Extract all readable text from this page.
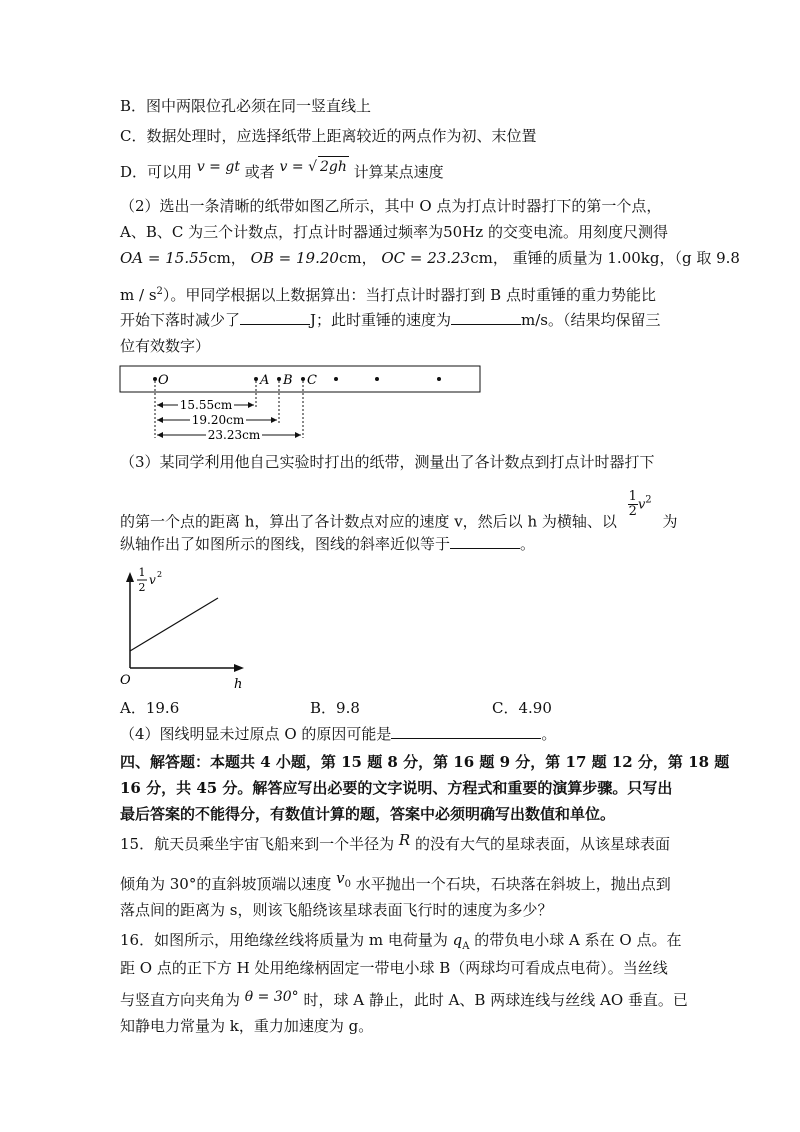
B．图中两限位孔必须在同一竖直线上
C．数据处理时，应选择纸带上距离较近的两点作为初、末位置
D．可以用 v = gt 或者 v = √ 2gh 计算某点速度
（2）选出一条清晰的纸带如图乙所示，其中 O 点为打点计时器打下的第一个点，
A、B、C 为三个计数点，打点计时器通过频率为50Hz 的交变电流。用刻度尺测得
OA = 15.55cm， OB = 19.20cm， OC = 23.23cm， 重锤的质量为 1.00kg，（g 取 9.8
m / $s^2$）。甲同学根据以上数据算出：当打点计时器打到 B 点时重锤的重力势能比
开始下落时减少了	J；此时重锤的速度为	m/s。（结果均保留三
位有效数字）
O	A B C
15.55cm
19.20cm
23.23cm
（3）某同学利用他自己实验时打出的纸带，测量出了各计数点到打点计时器打下
的第一个点的距离 h，算出了各计数点对应的速度 v，然后以 h 为横轴、以
$\frac{1}{2} v^2$ 为
纵轴作出了如图所示的图线，图线的斜率近似等于	。
1
2
v 2
O	h
A．19.6	B．9.8	C．4.90
（4）图线明显未过原点 O 的原因可能是	。
四、解答题：本题共 4 小题，第 15 题 8 分，第 16 题 9 分，第 17 题 12 分，第 18 题
16 分，共 45 分。解答应写出必要的文字说明、方程式和重要的演算步骤。只写出
最后答案的不能得分，有数值计算的题，答案中必须明确写出数值和单位。
15．航天员乘坐宇宙飞船来到一个半径为 R 的没有大气的星球表面，从该星球表面
倾角为 30°的直斜坡顶端以速度 $v_0$ 水平抛出一个石块，石块落在斜坡上，抛出点到
落点间的距离为 s，则该飞船绕该星球表面飞行时的速度为多少？
16．如图所示，用绝缘丝线将质量为 m 电荷量为 $q_A$ 的带负电小球 A 系在 O 点。在
距 O 点的正下方 H 处用绝缘柄固定一带电小球 B（两球均可看成点电荷）。当丝线
与竖直方向夹角为 θ = 30° 时，球 A 静止，此时 A、B 两球连线与丝线 AO 垂直。已
知静电力常量为 k，重力加速度为 g。
